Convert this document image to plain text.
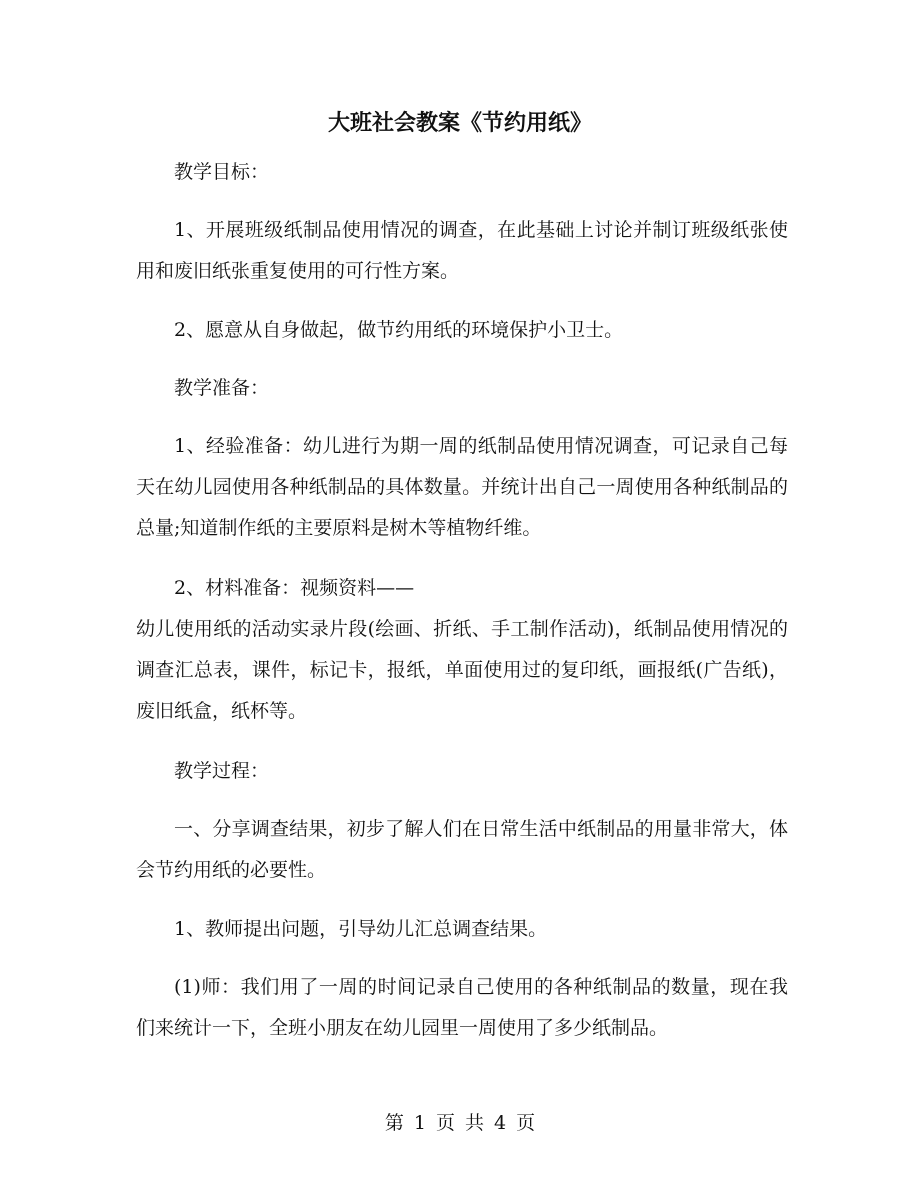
大班社会教案《节约用纸》

教学目标：

1、开展班级纸制品使用情况的调查，在此基础上讨论并制订班级纸张使用和废旧纸张重复使用的可行性方案。

2、愿意从自身做起，做节约用纸的环境保护小卫士。

教学准备：

1、经验准备：幼儿进行为期一周的纸制品使用情况调查，可记录自己每天在幼儿园使用各种纸制品的具体数量。并统计出自己一周使用各种纸制品的总量;知道制作纸的主要原料是树木等植物纤维。

2、材料准备：视频资料——

幼儿使用纸的活动实录片段(绘画、折纸、手工制作活动)，纸制品使用情况的调查汇总表，课件，标记卡，报纸，单面使用过的复印纸，画报纸(广告纸)，废旧纸盒，纸杯等。

教学过程：

一、分享调查结果，初步了解人们在日常生活中纸制品的用量非常大，体会节约用纸的必要性。

1、教师提出问题，引导幼儿汇总调查结果。

(1)师：我们用了一周的时间记录自己使用的各种纸制品的数量，现在我们来统计一下，全班小朋友在幼儿园里一周使用了多少纸制品。

第 1 页 共 4 页
